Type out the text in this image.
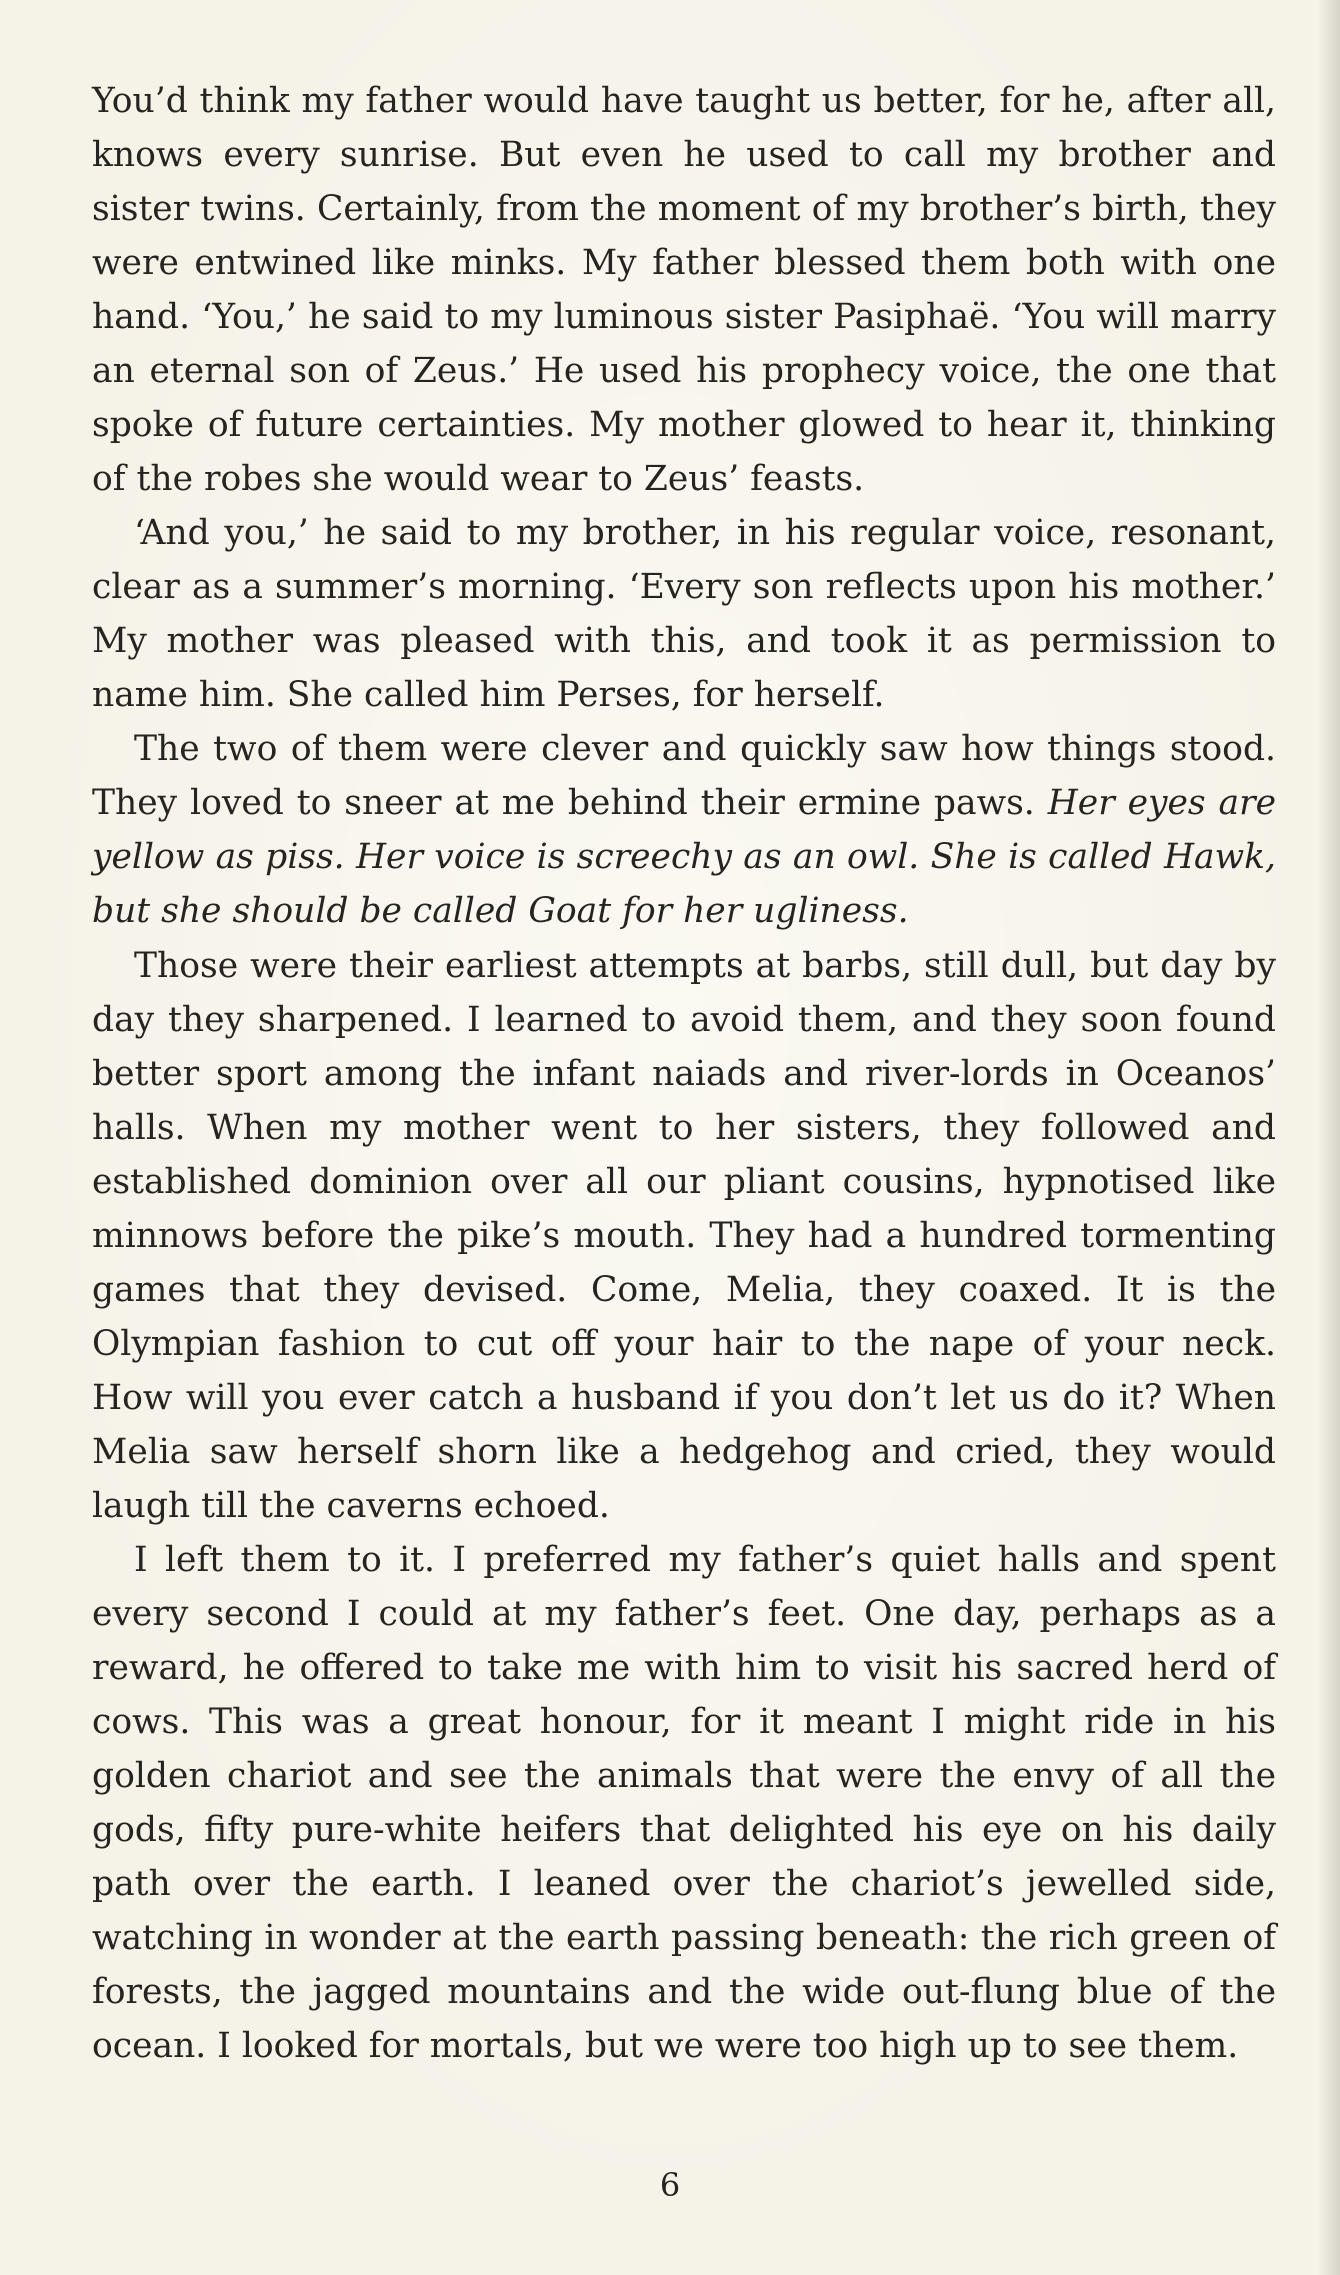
You’d think my father would have taught us better, for he, after all, knows every sunrise. But even he used to call my brother and sister twins. Certainly, from the moment of my brother’s birth, they were entwined like minks. My father blessed them both with one hand. ‘You,’ he said to my luminous sister Pasiphaë. ‘You will marry an eternal son of Zeus.’ He used his prophecy voice, the one that spoke of future certainties. My mother glowed to hear it, thinking of the robes she would wear to Zeus’ feasts.

‘And you,’ he said to my brother, in his regular voice, resonant, clear as a summer’s morning. ‘Every son reflects upon his mother.’ My mother was pleased with this, and took it as permission to name him. She called him Perses, for herself.

The two of them were clever and quickly saw how things stood. They loved to sneer at me behind their ermine paws. Her eyes are yellow as piss. Her voice is screechy as an owl. She is called Hawk, but she should be called Goat for her ugliness.

Those were their earliest attempts at barbs, still dull, but day by day they sharpened. I learned to avoid them, and they soon found better sport among the infant naiads and river-lords in Oceanos’ halls. When my mother went to her sisters, they followed and established dominion over all our pliant cousins, hypnotised like minnows before the pike’s mouth. They had a hundred tormenting games that they devised. Come, Melia, they coaxed. It is the Olympian fashion to cut off your hair to the nape of your neck. How will you ever catch a husband if you don’t let us do it? When Melia saw herself shorn like a hedgehog and cried, they would laugh till the caverns echoed.

I left them to it. I preferred my father’s quiet halls and spent every second I could at my father’s feet. One day, perhaps as a reward, he offered to take me with him to visit his sacred herd of cows. This was a great honour, for it meant I might ride in his golden chariot and see the animals that were the envy of all the gods, fifty pure-white heifers that delighted his eye on his daily path over the earth. I leaned over the chariot’s jewelled side, watching in wonder at the earth passing beneath: the rich green of forests, the jagged mountains and the wide out-flung blue of the ocean. I looked for mortals, but we were too high up to see them.

6
